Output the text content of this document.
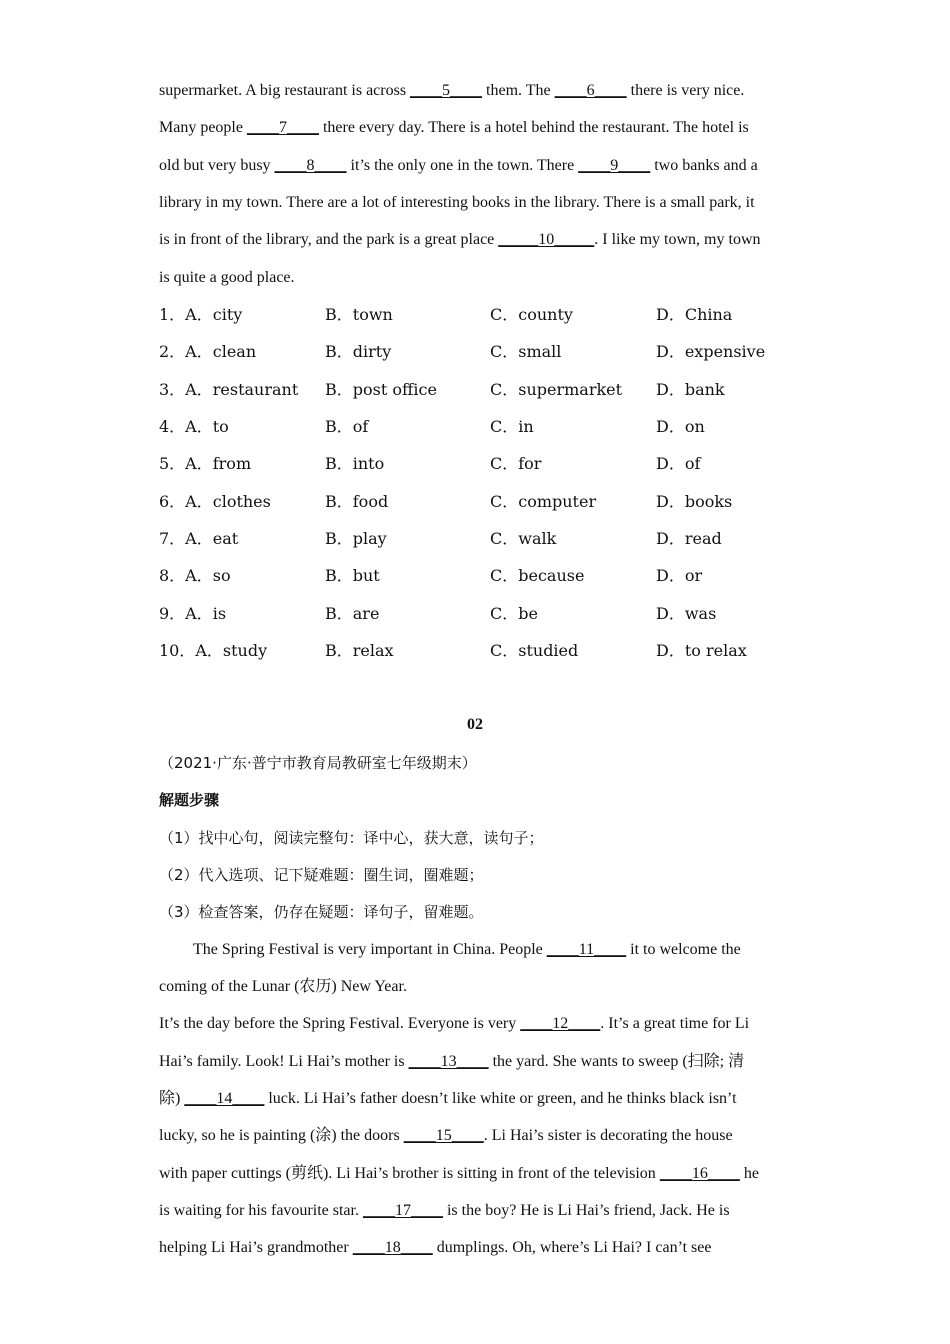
supermarket. A big restaurant is across ____5____ them. The ____6____ there is very nice.
Many people ____7____ there every day. There is a hotel behind the restaurant. The hotel is
old but very busy ____8____ it’s the only one in the town. There ____9____ two banks and a
library in my town. There are a lot of interesting books in the library. There is a small park, it
is in front of the library, and the park is a great place _____10_____. I like my town, my town
is quite a good place.
1．A．city	B．town	C．county	D．China
2．A．clean	B．dirty	C．small	D．expensive
3．A．restaurant B．post office	C．supermarket D．bank
4．A．to	B．of	C．in	D．on
5．A．from	B．into	C．for	D．of
6．A．clothes	B．food	C．computer	D．books
7．A．eat	B．play	C．walk	D．read
8．A．so	B．but	C．because	D．or
9．A．is	B．are	C．be	D．was
10．A．study	B．relax	C．studied	D．to relax
02
（2021·广东·普宁市教育局教研室七年级期末）
解题步骤
（1）找中心句，阅读完整句：译中心，获大意，读句子；
（2）代入选项、记下疑难题：圈生词，圈难题；
（3）检查答案，仍存在疑题：译句子，留难题。
The Spring Festival is very important in China. People ____11____ it to welcome the
coming of the Lunar (农历) New Year.
It’s the day before the Spring Festival. Everyone is very ____12____. It’s a great time for Li
Hai’s family. Look! Li Hai’s mother is ____13____ the yard. She wants to sweep (扫除; 清
除) ____14____ luck. Li Hai’s father doesn’t like white or green, and he thinks black isn’t
lucky, so he is painting (涂) the doors ____15____. Li Hai’s sister is decorating the house
with paper cuttings (剪纸). Li Hai’s brother is sitting in front of the television ____16____ he
is waiting for his favourite star. ____17____ is the boy? He is Li Hai’s friend, Jack. He is
helping Li Hai’s grandmother ____18____ dumplings. Oh, where’s Li Hai? I can’t see
